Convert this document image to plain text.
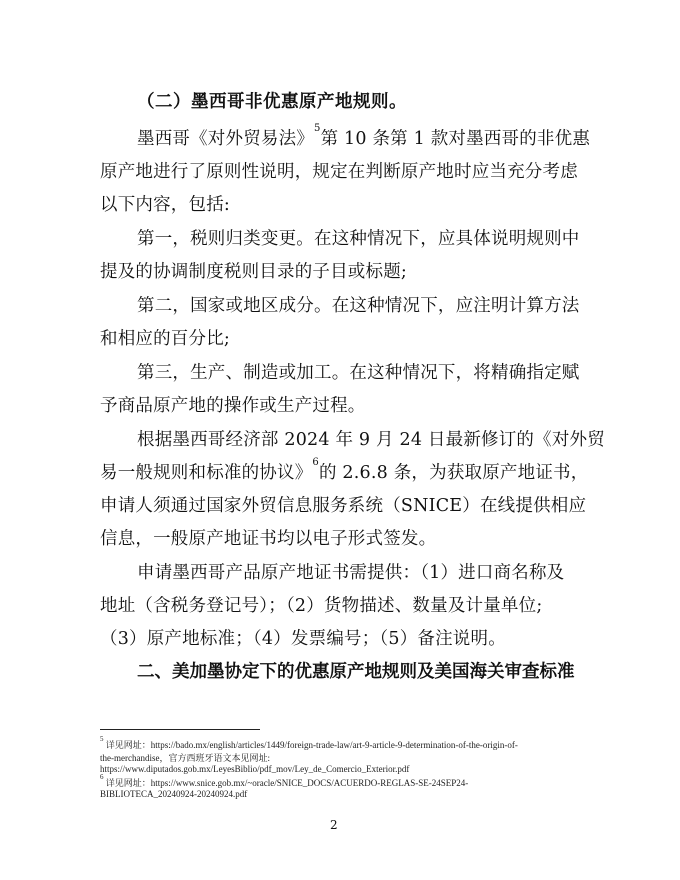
（二）墨西哥非优惠原产地规则。
墨西哥《对外贸易法》$^5$第 10 条第 1 款对墨西哥的非优惠
原产地进行了原则性说明，规定在判断原产地时应当充分考虑
以下内容，包括:
第一，税则归类变更。在这种情况下，应具体说明规则中
提及的协调制度税则目录的子目或标题;
第二，国家或地区成分。在这种情况下，应注明计算方法
和相应的百分比;
第三，生产、制造或加工。在这种情况下，将精确指定赋
予商品原产地的操作或生产过程。
根据墨西哥经济部 2024 年 9 月 24 日最新修订的《对外贸
易一般规则和标准的协议》$^6$的 2.6.8 条，为获取原产地证书，
申请人须通过国家外贸信息服务系统（SNICE）在线提供相应
信息，一般原产地证书均以电子形式签发。
申请墨西哥产品原产地证书需提供：（1）进口商名称及
地址（含税务登记号）；（2）货物描述、数量及计量单位;
（3）原产地标准；（4）发票编号；（5）备注说明。
二、美加墨协定下的优惠原产地规则及美国海关审查标准
$^5$ 详见网址：https://bado.mx/english/articles/1449/foreign-trade-law/art-9-article-9-determination-of-the-origin-of-
the-merchandise，官方西班牙语文本见网址:
https://www.diputados.gob.mx/LeyesBiblio/pdf_mov/Ley_de_Comercio_Exterior.pdf
$^6$ 详见网址：https://www.snice.gob.mx/~oracle/SNICE_DOCS/ACUERDO-REGLAS-SE-24SEP24-
BIBLIOTECA_20240924-20240924.pdf
2
